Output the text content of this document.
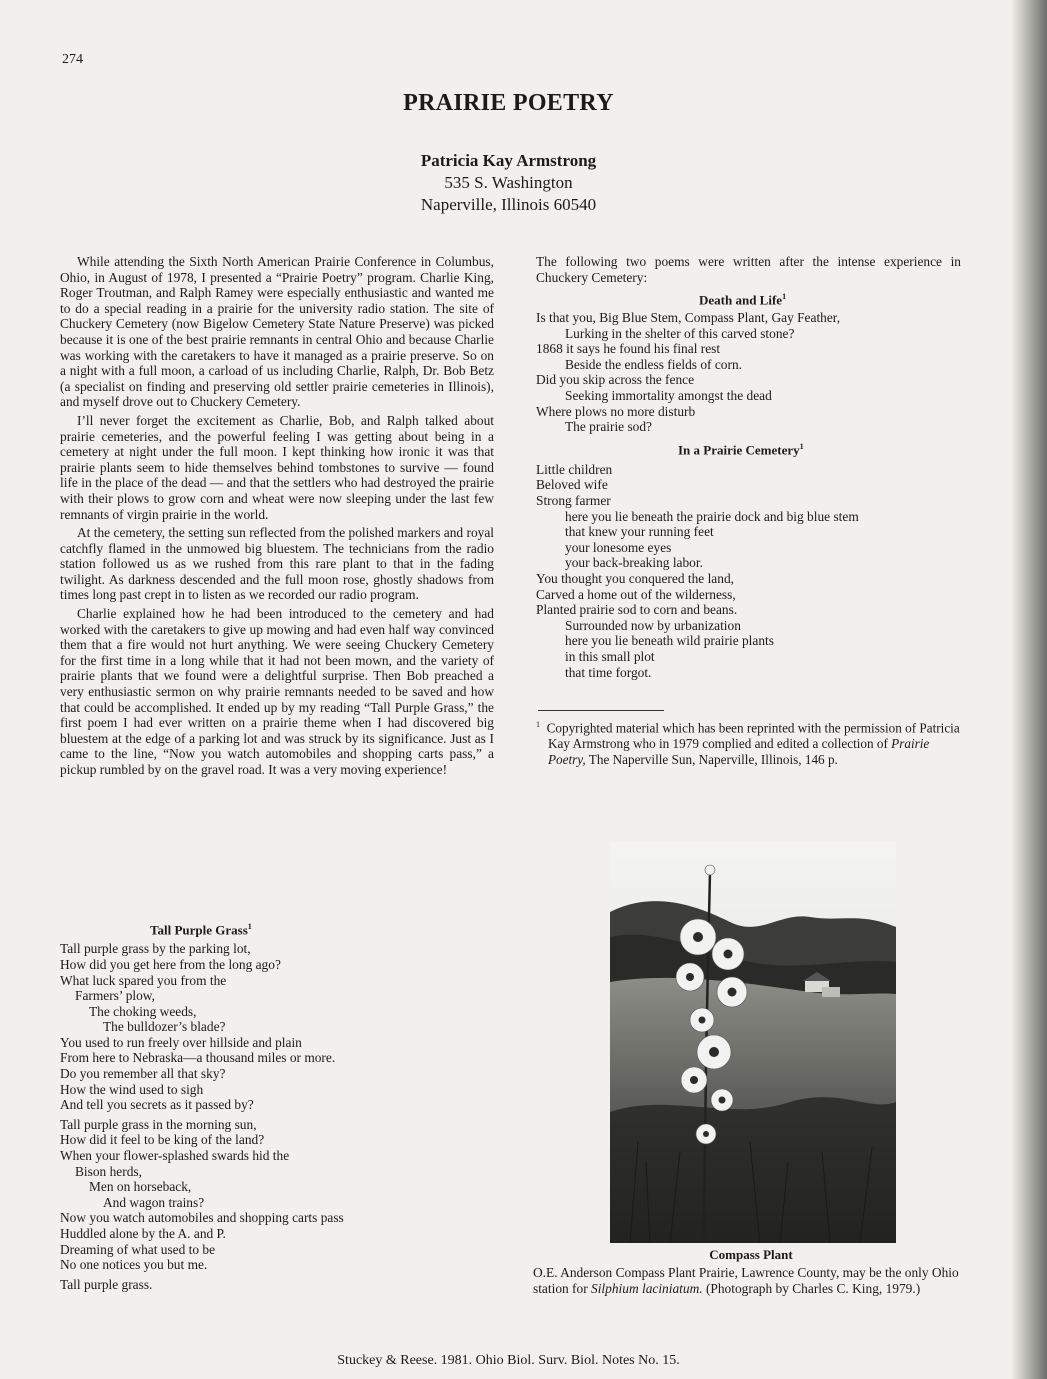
274
PRAIRIE POETRY
Patricia Kay Armstrong
535 S. Washington
Naperville, Illinois 60540

While attending the Sixth North American Prairie Conference in Columbus, Ohio, in August of 1978, I presented a “Prairie Poetry” program. Charlie King, Roger Troutman, and Ralph Ramey were especially enthusiastic and wanted me to do a special reading in a prairie for the university radio station. The site of Chuckery Cemetery (now Bigelow Cemetery State Nature Preserve) was picked because it is one of the best prairie remnants in central Ohio and because Charlie was working with the caretakers to have it managed as a prairie preserve. So on a night with a full moon, a carload of us including Charlie, Ralph, Dr. Bob Betz (a specialist on finding and preserving old settler prairie cemeteries in Illinois), and myself drove out to Chuckery Cemetery.

I’ll never forget the excitement as Charlie, Bob, and Ralph talked about prairie cemeteries, and the powerful feeling I was getting about being in a cemetery at night under the full moon. I kept thinking how ironic it was that prairie plants seem to hide themselves behind tombstones to survive — found life in the place of the dead — and that the settlers who had destroyed the prairie with their plows to grow corn and wheat were now sleeping under the last few remnants of virgin prairie in the world.

At the cemetery, the setting sun reflected from the polished markers and royal catchfly flamed in the unmowed big bluestem. The technicians from the radio station followed us as we rushed from this rare plant to that in the fading twilight. As darkness descended and the full moon rose, ghostly shadows from times long past crept in to listen as we recorded our radio program.

Charlie explained how he had been introduced to the cemetery and had worked with the caretakers to give up mowing and had even half way convinced them that a fire would not hurt anything. We were seeing Chuckery Cemetery for the first time in a long while that it had not been mown, and the variety of prairie plants that we found were a delightful surprise. Then Bob preached a very enthusiastic sermon on why prairie remnants needed to be saved and how that could be accomplished. It ended up by my reading “Tall Purple Grass,” the first poem I had ever written on a prairie theme when I had discovered big bluestem at the edge of a parking lot and was struck by its significance. Just as I came to the line, “Now you watch automobiles and shopping carts pass,” a pickup rumbled by on the gravel road. It was a very moving experience!

Tall Purple Grass$^1$
Tall purple grass by the parking lot,
How did you get here from the long ago?
What luck spared you from the
Farmers’ plow,
The choking weeds,
The bulldozer’s blade?
You used to run freely over hillside and plain
From here to Nebraska—a thousand miles or more.
Do you remember all that sky?
How the wind used to sigh
And tell you secrets as it passed by?
Tall purple grass in the morning sun,
How did it feel to be king of the land?
When your flower-splashed swards hid the
Bison herds,
Men on horseback,
And wagon trains?
Now you watch automobiles and shopping carts pass
Huddled alone by the A. and P.
Dreaming of what used to be
No one notices you but me.
Tall purple grass.

The following two poems were written after the intense experience in Chuckery Cemetery:

Death and Life$^1$
Is that you, Big Blue Stem, Compass Plant, Gay Feather,
Lurking in the shelter of this carved stone?
1868 it says he found his final rest
Beside the endless fields of corn.
Did you skip across the fence
Seeking immortality amongst the dead
Where plows no more disturb
The prairie sod?
In a Prairie Cemetery$^1$
Little children
Beloved wife
Strong farmer
here you lie beneath the prairie dock and big blue stem
that knew your running feet
your lonesome eyes
your back-breaking labor.
You thought you conquered the land,
Carved a home out of the wilderness,
Planted prairie sod to corn and beans.
Surrounded now by urbanization
here you lie beneath wild prairie plants
in this small plot
that time forgot.
$^1$ Copyrighted material which has been reprinted with the permission of Patricia Kay Armstrong who in 1979 complied and edited a collection of Prairie Poetry, The Naperville Sun, Naperville, Illinois, 146 p.
Compass Plant
O.E. Anderson Compass Plant Prairie, Lawrence County, may be the only Ohio station for Silphium laciniatum. (Photograph by Charles C. King, 1979.)
Stuckey & Reese. 1981. Ohio Biol. Surv. Biol. Notes No. 15.
